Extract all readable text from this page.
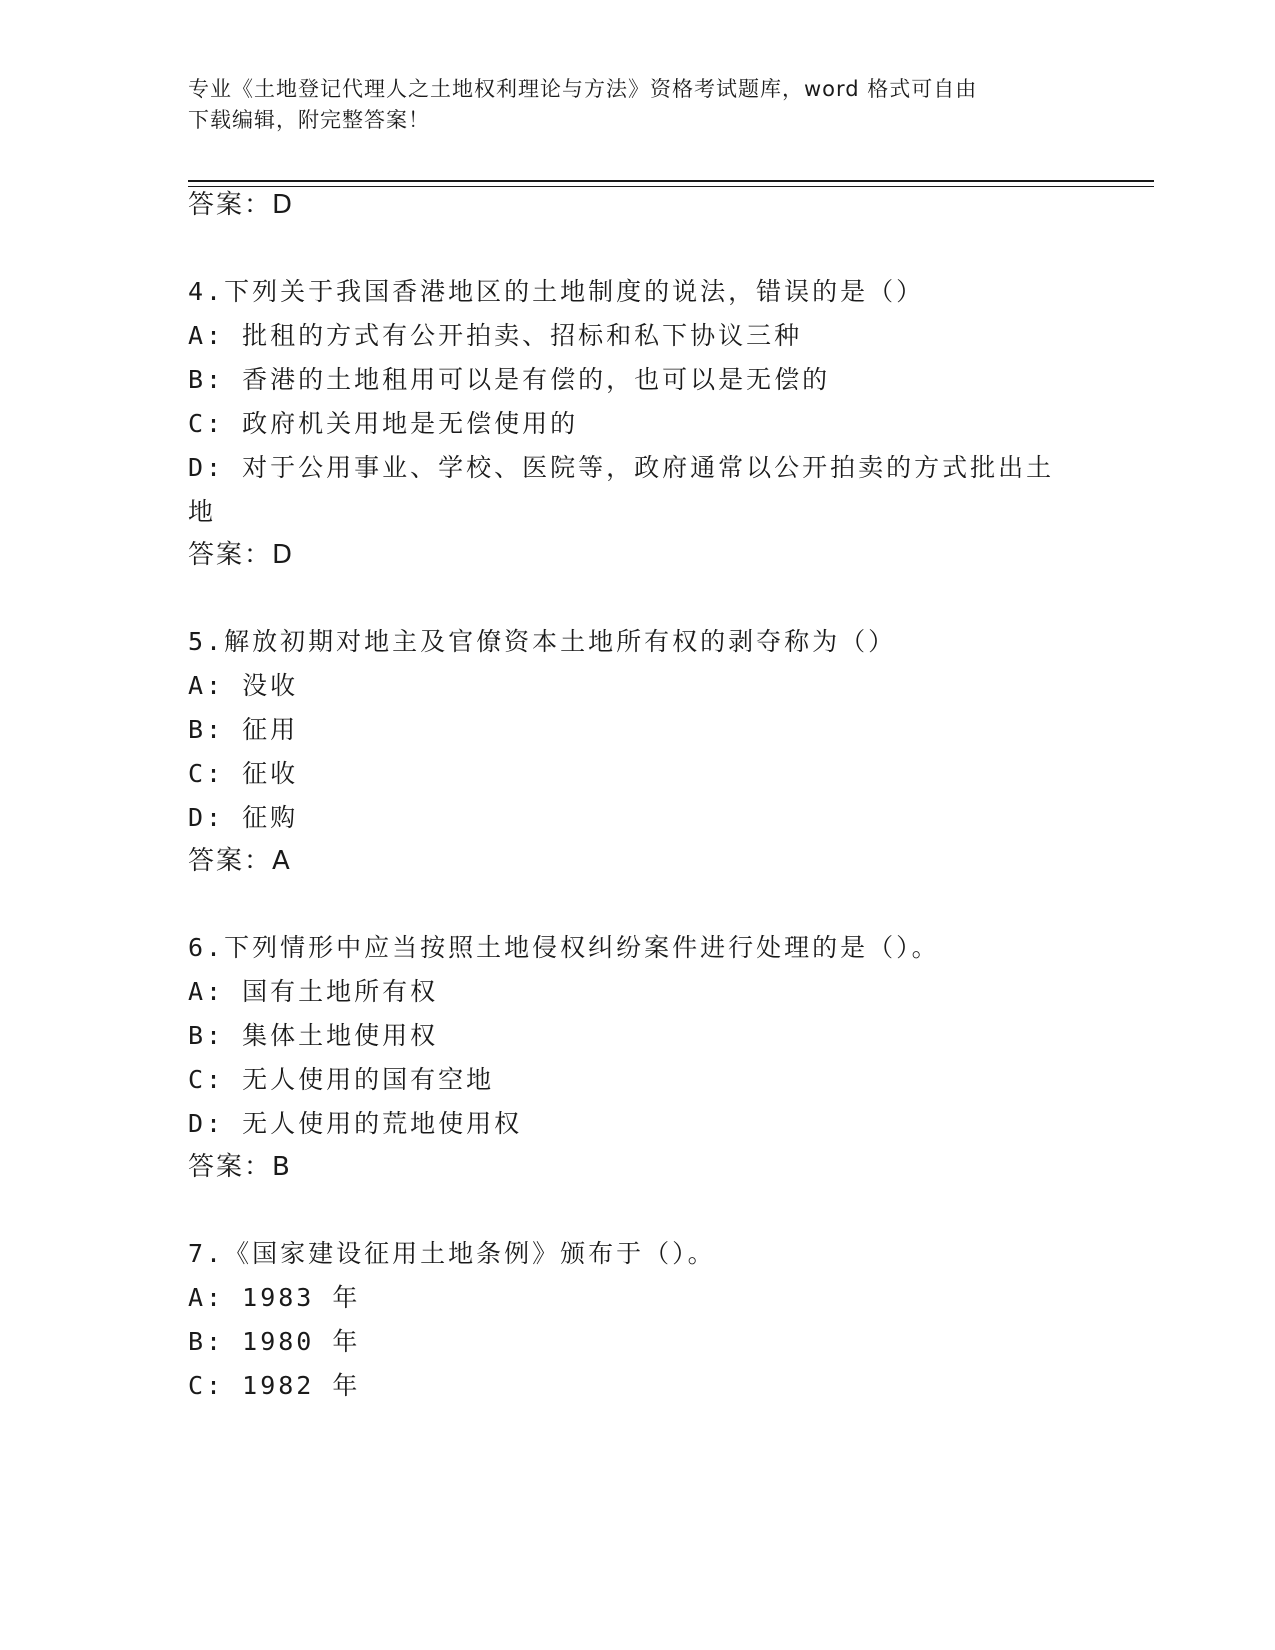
专业《土地登记代理人之土地权利理论与方法》资格考试题库，word 格式可自由
下载编辑，附完整答案！
答案：D
4.下列关于我国香港地区的土地制度的说法，错误的是（）
A: 批租的方式有公开拍卖、招标和私下协议三种
B: 香港的土地租用可以是有偿的，也可以是无偿的
C: 政府机关用地是无偿使用的
D: 对于公用事业、学校、医院等，政府通常以公开拍卖的方式批出土
地
答案：D
5.解放初期对地主及官僚资本土地所有权的剥夺称为（）
A: 没收
B: 征用
C: 征收
D: 征购
答案：A
6.下列情形中应当按照土地侵权纠纷案件进行处理的是（）。
A: 国有土地所有权
B: 集体土地使用权
C: 无人使用的国有空地
D: 无人使用的荒地使用权
答案：B
7.《国家建设征用土地条例》颁布于（）。
A: 1983 年
B: 1980 年
C: 1982 年
